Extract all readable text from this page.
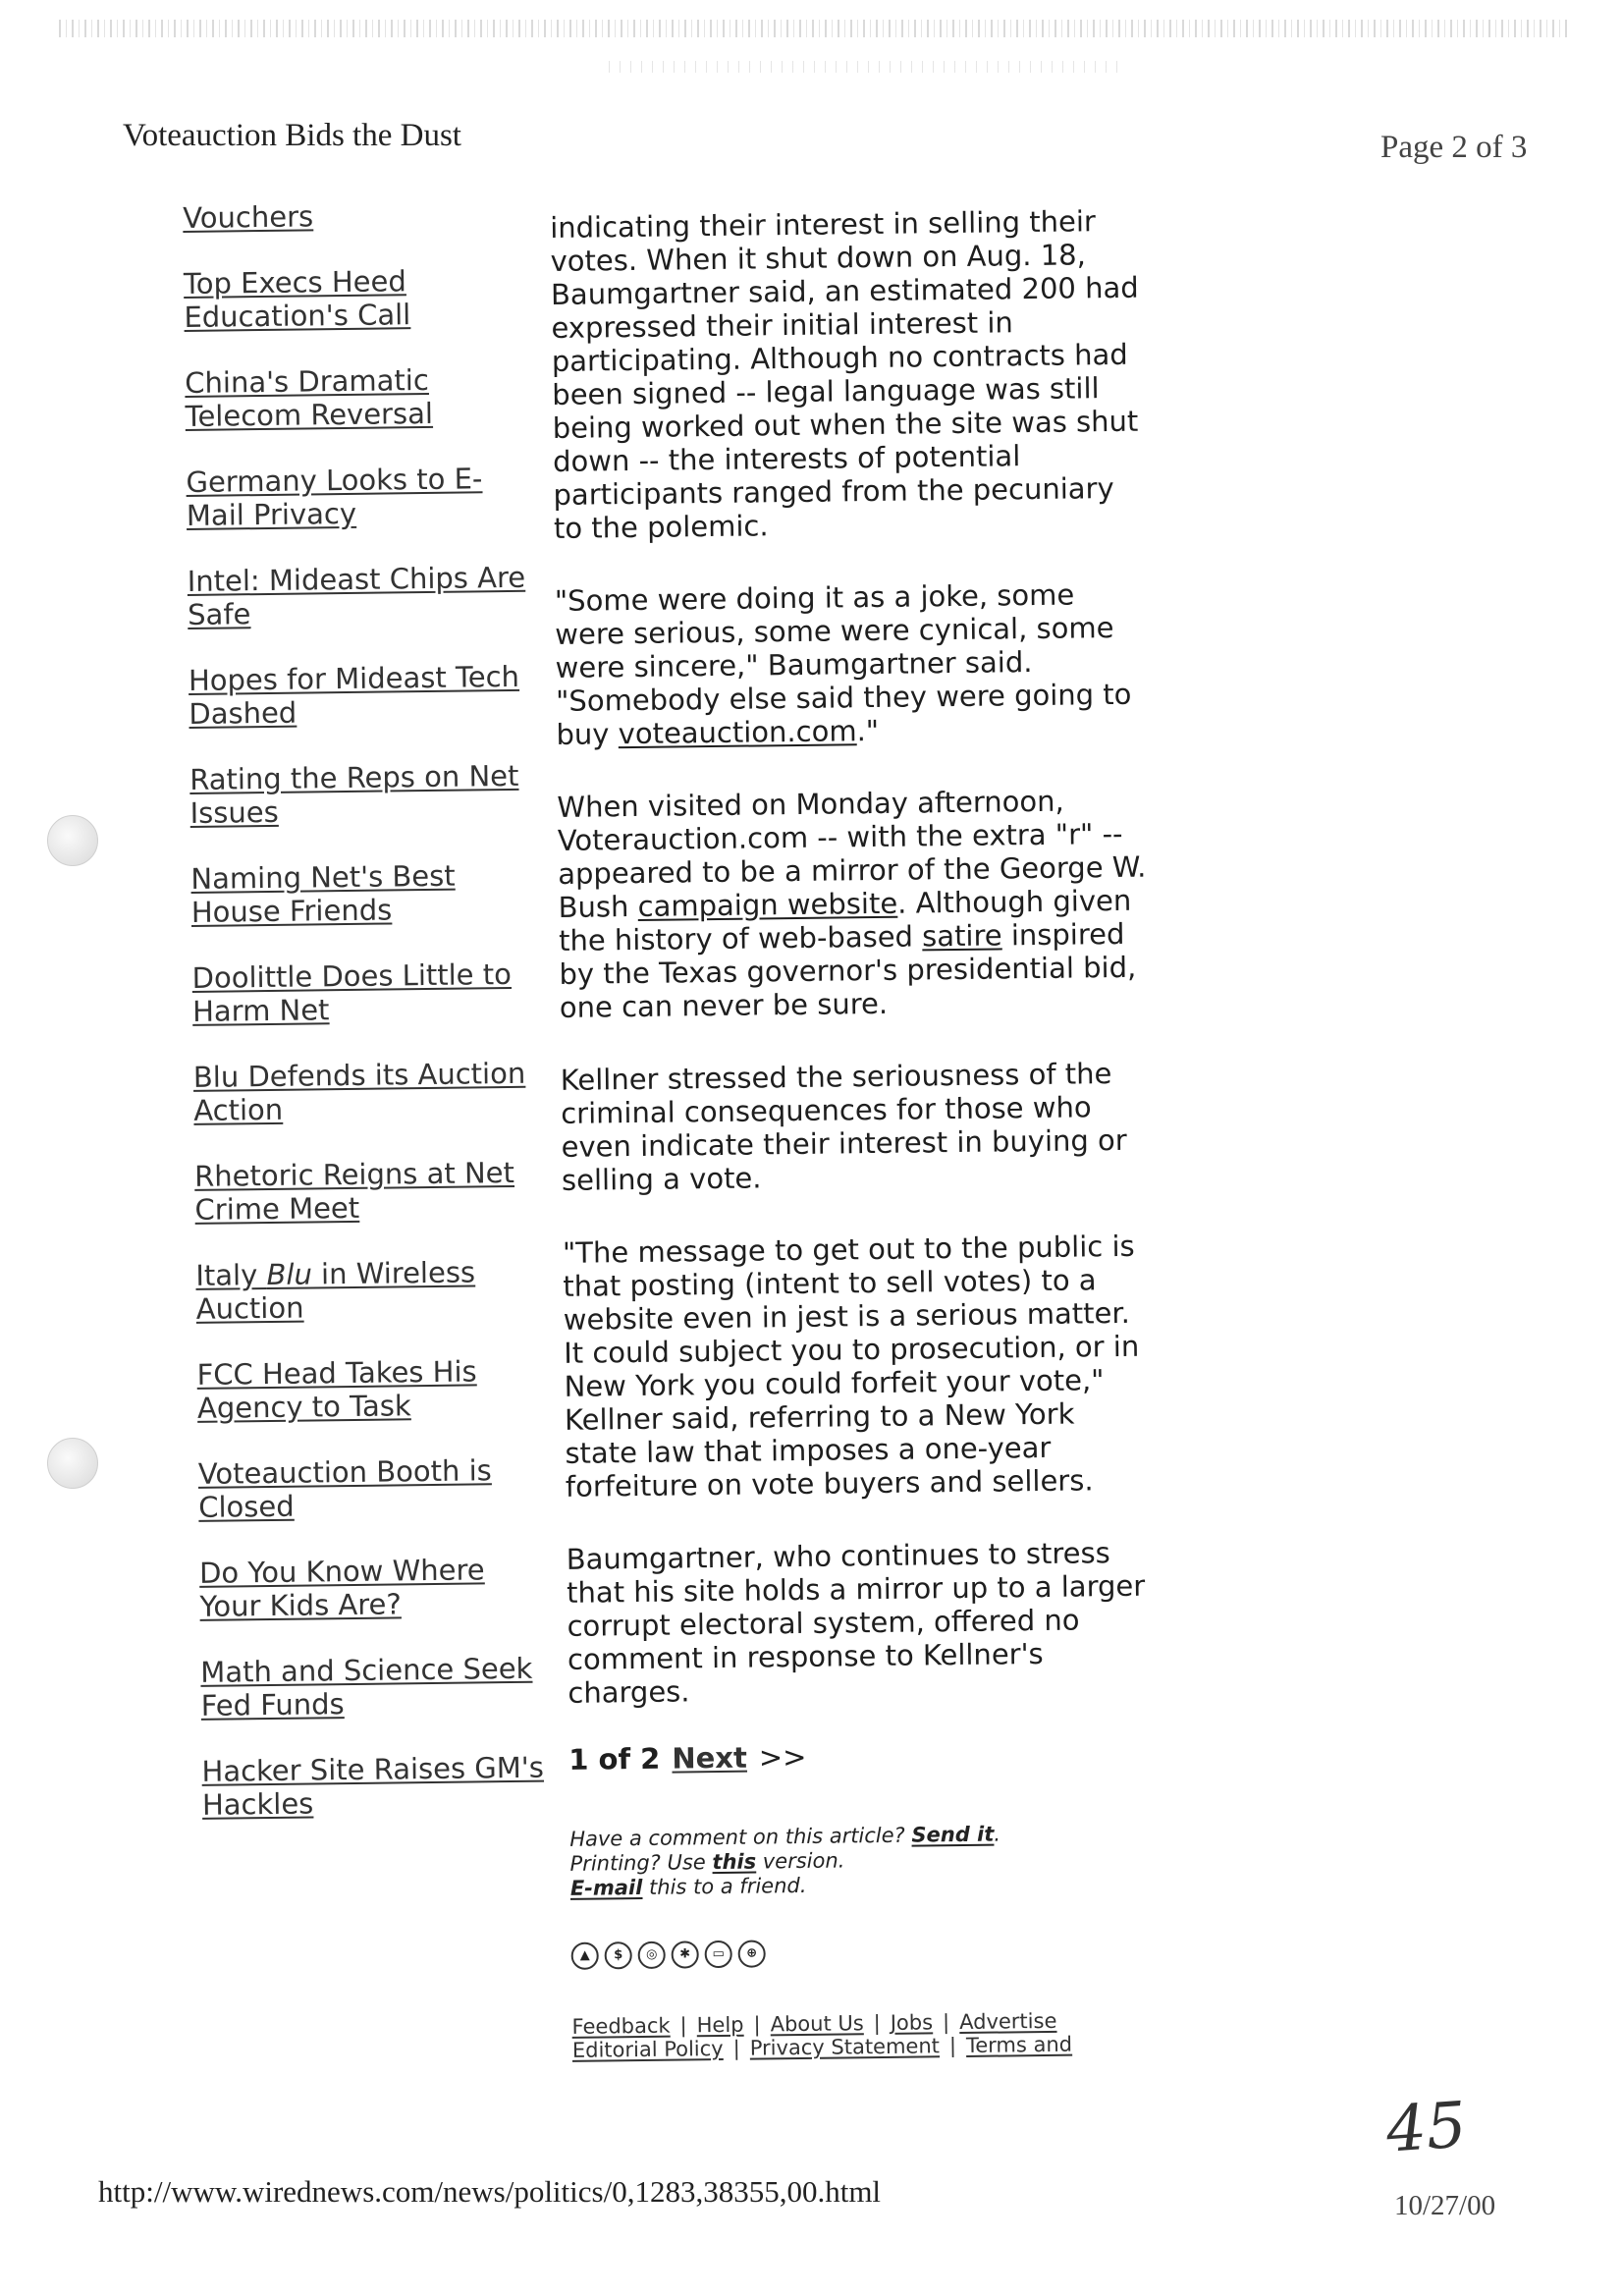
Voteauction Bids the Dust	Page 2 of 3
Vouchers
Top Execs Heed Education's Call
China's Dramatic Telecom Reversal
Germany Looks to E-Mail Privacy
Intel: Mideast Chips Are Safe
Hopes for Mideast Tech Dashed
Rating the Reps on Net Issues
Naming Net's Best House Friends
Doolittle Does Little to Harm Net
Blu Defends its Auction Action
Rhetoric Reigns at Net Crime Meet
Italy Blu in Wireless Auction
FCC Head Takes His Agency to Task
Voteauction Booth is Closed
Do You Know Where Your Kids Are?
Math and Science Seek Fed Funds
Hacker Site Raises GM's Hackles

indicating their interest in selling their votes. When it shut down on Aug. 18, Baumgartner said, an estimated 200 had expressed their initial interest in participating. Although no contracts had been signed -- legal language was still being worked out when the site was shut down -- the interests of potential participants ranged from the pecuniary to the polemic.

"Some were doing it as a joke, some were serious, some were cynical, some were sincere," Baumgartner said. "Somebody else said they were going to buy voteauction.com."

When visited on Monday afternoon, Voterauction.com -- with the extra "r" -- appeared to be a mirror of the George W. Bush campaign website. Although given the history of web-based satire inspired by the Texas governor's presidential bid, one can never be sure.

Kellner stressed the seriousness of the criminal consequences for those who even indicate their interest in buying or selling a vote.

"The message to get out to the public is that posting (intent to sell votes) to a website even in jest is a serious matter. It could subject you to prosecution, or in New York you could forfeit your vote," Kellner said, referring to a New York state law that imposes a one-year forfeiture on vote buyers and sellers.

Baumgartner, who continues to stress that his site holds a mirror up to a larger corrupt electoral system, offered no comment in response to Kellner's charges.

1 of 2 Next >>
Have a comment on this article? Send it.
Printing? Use this version.
E-mail this to a friend.
▲	$	◎	✱	▭	⊕
Feedback | Help | About Us | Jobs | Advertise
Editorial Policy | Privacy Statement | Terms and
45
http://www.wirednews.com/news/politics/0,1283,38355,00.html	10/27/00
